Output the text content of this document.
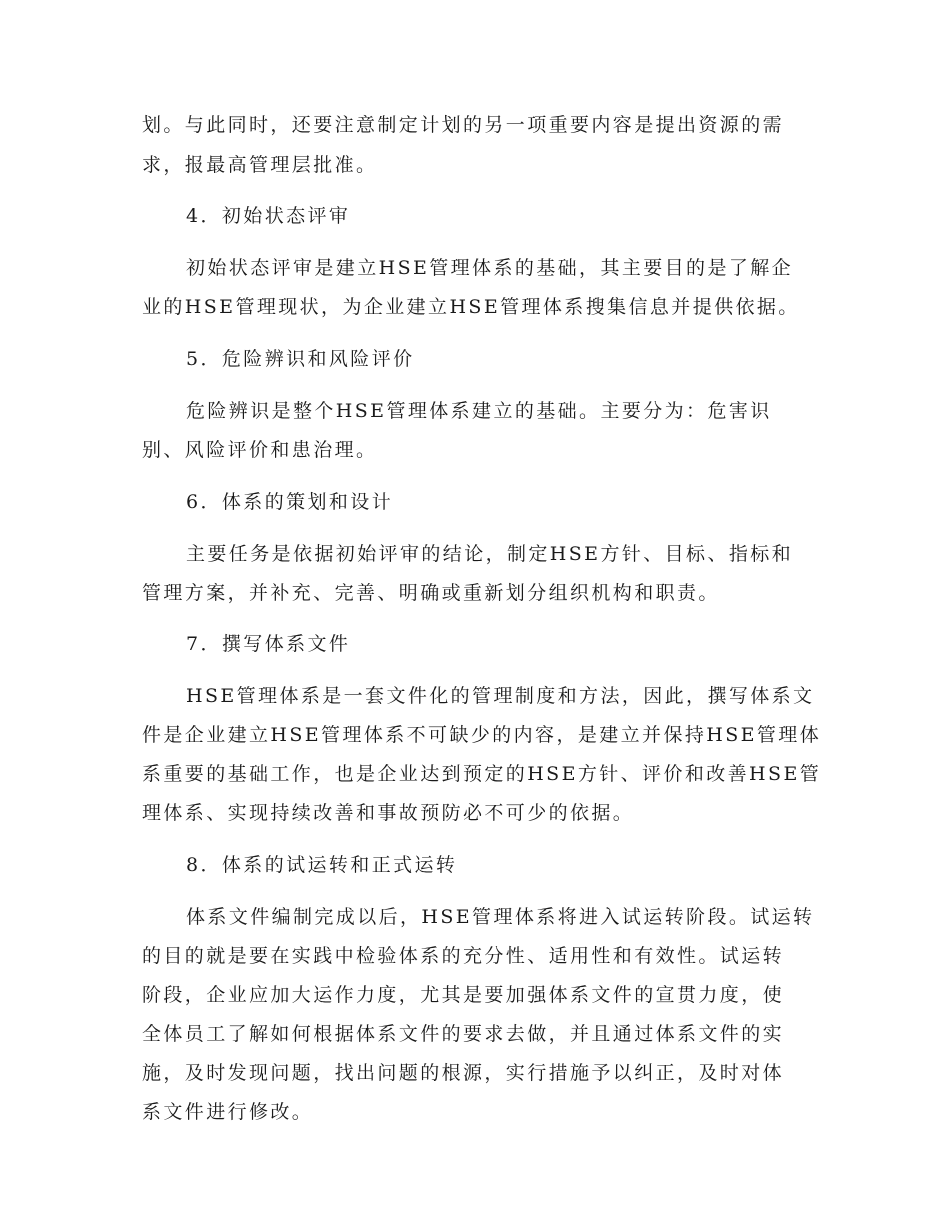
划。与此同时，还要注意制定计划的另一项重要内容是提出资源的需
求，报最高管理层批准。
4．初始状态评审
初始状态评审是建立HSE管理体系的基础，其主要目的是了解企
业的HSE管理现状，为企业建立HSE管理体系搜集信息并提供依据。
5．危险辨识和风险评价
危险辨识是整个HSE管理体系建立的基础。主要分为：危害识
别、风险评价和患治理。
6．体系的策划和设计
主要任务是依据初始评审的结论，制定HSE方针、目标、指标和
管理方案，并补充、完善、明确或重新划分组织机构和职责。
7．撰写体系文件
HSE管理体系是一套文件化的管理制度和方法，因此，撰写体系文
件是企业建立HSE管理体系不可缺少的内容，是建立并保持HSE管理体
系重要的基础工作，也是企业达到预定的HSE方针、评价和改善HSE管
理体系、实现持续改善和事故预防必不可少的依据。
8．体系的试运转和正式运转
体系文件编制完成以后，HSE管理体系将进入试运转阶段。试运转
的目的就是要在实践中检验体系的充分性、适用性和有效性。试运转
阶段，企业应加大运作力度，尤其是要加强体系文件的宣贯力度，使
全体员工了解如何根据体系文件的要求去做，并且通过体系文件的实
施，及时发现问题，找出问题的根源，实行措施予以纠正，及时对体
系文件进行修改。
